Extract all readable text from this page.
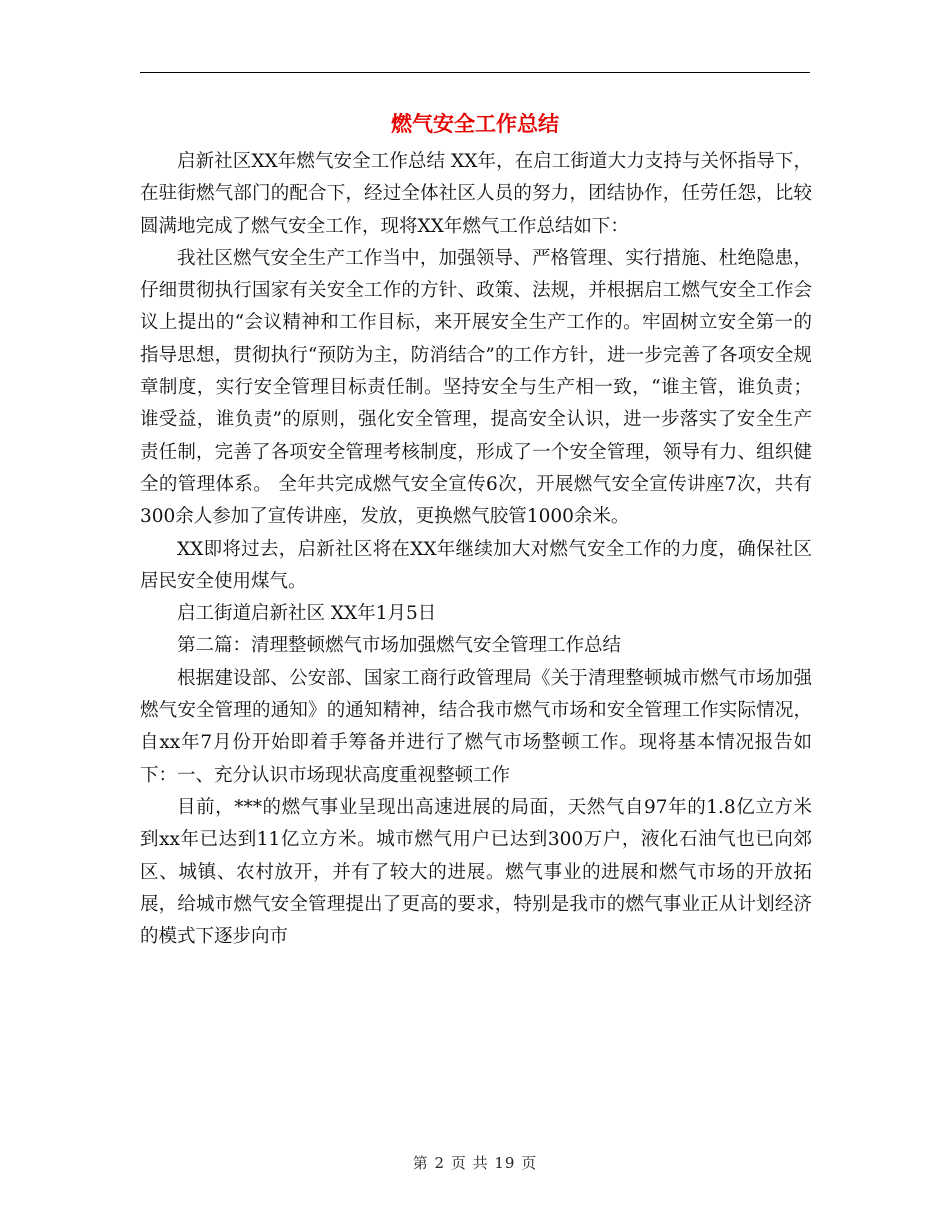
燃气安全工作总结

启新社区XX年燃气安全工作总结 XX年，在启工街道大力支持与关怀指导下，在驻街燃气部门的配合下，经过全体社区人员的努力，团结协作，任劳任怨，比较圆满地完成了燃气安全工作，现将XX年燃气工作总结如下：

我社区燃气安全生产工作当中，加强领导、严格管理、实行措施、杜绝隐患，仔细贯彻执行国家有关安全工作的方针、政策、法规，并根据启工燃气安全工作会议上提出的“会议精神和工作目标，来开展安全生产工作的。牢固树立安全第一的指导思想，贯彻执行“预防为主，防消结合”的工作方针，进一步完善了各项安全规章制度，实行安全管理目标责任制。坚持安全与生产相一致，“谁主管，谁负责；谁受益，谁负责”的原则，强化安全管理，提高安全认识，进一步落实了安全生产责任制，完善了各项安全管理考核制度，形成了一个安全管理，领导有力、组织健全的管理体系。 全年共完成燃气安全宣传6次，开展燃气安全宣传讲座7次，共有300余人参加了宣传讲座，发放，更换燃气胶管1000余米。

XX即将过去，启新社区将在XX年继续加大对燃气安全工作的力度，确保社区居民安全使用煤气。

启工街道启新社区 XX年1月5日

第二篇：清理整顿燃气市场加强燃气安全管理工作总结

根据建设部、公安部、国家工商行政管理局《关于清理整顿城市燃气市场加强燃气安全管理的通知》的通知精神，结合我市燃气市场和安全管理工作实际情况，自xx年7月份开始即着手筹备并进行了燃气市场整顿工作。现将基本情况报告如下：一、充分认识市场现状高度重视整顿工作

目前，***的燃气事业呈现出高速进展的局面，天然气自97年的1.8亿立方米到xx年已达到11亿立方米。城市燃气用户已达到300万户，液化石油气也已向郊区、城镇、农村放开，并有了较大的进展。燃气事业的进展和燃气市场的开放拓展，给城市燃气安全管理提出了更高的要求，特别是我市的燃气事业正从计划经济的模式下逐步向市

第 2 页 共 19 页
